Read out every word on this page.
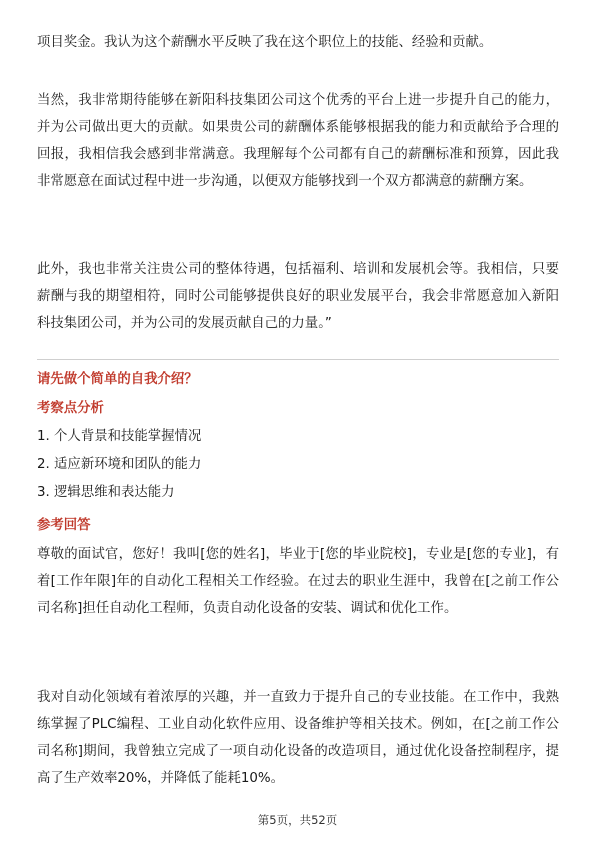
项目奖金。我认为这个薪酬水平反映了我在这个职位上的技能、经验和贡献。

当然，我非常期待能够在新阳科技集团公司这个优秀的平台上进一步提升自己的能力，并为公司做出更大的贡献。如果贵公司的薪酬体系能够根据我的能力和贡献给予合理的回报，我相信我会感到非常满意。我理解每个公司都有自己的薪酬标准和预算，因此我非常愿意在面试过程中进一步沟通，以便双方能够找到一个双方都满意的薪酬方案。

此外，我也非常关注贵公司的整体待遇，包括福利、培训和发展机会等。我相信，只要薪酬与我的期望相符，同时公司能够提供良好的职业发展平台，我会非常愿意加入新阳科技集团公司，并为公司的发展贡献自己的力量。”

请先做个简单的自我介绍？

考察点分析

1. 个人背景和技能掌握情况
2. 适应新环境和团队的能力
3. 逻辑思维和表达能力

参考回答

尊敬的面试官，您好！我叫[您的姓名]，毕业于[您的毕业院校]，专业是[您的专业]，有着[工作年限]年的自动化工程相关工作经验。在过去的职业生涯中，我曾在[之前工作公司名称]担任自动化工程师，负责自动化设备的安装、调试和优化工作。

我对自动化领域有着浓厚的兴趣，并一直致力于提升自己的专业技能。在工作中，我熟练掌握了PLC编程、工业自动化软件应用、设备维护等相关技术。例如，在[之前工作公司名称]期间，我曾独立完成了一项自动化设备的改造项目，通过优化设备控制程序，提高了生产效率20%，并降低了能耗10%。

第5页，共52页
